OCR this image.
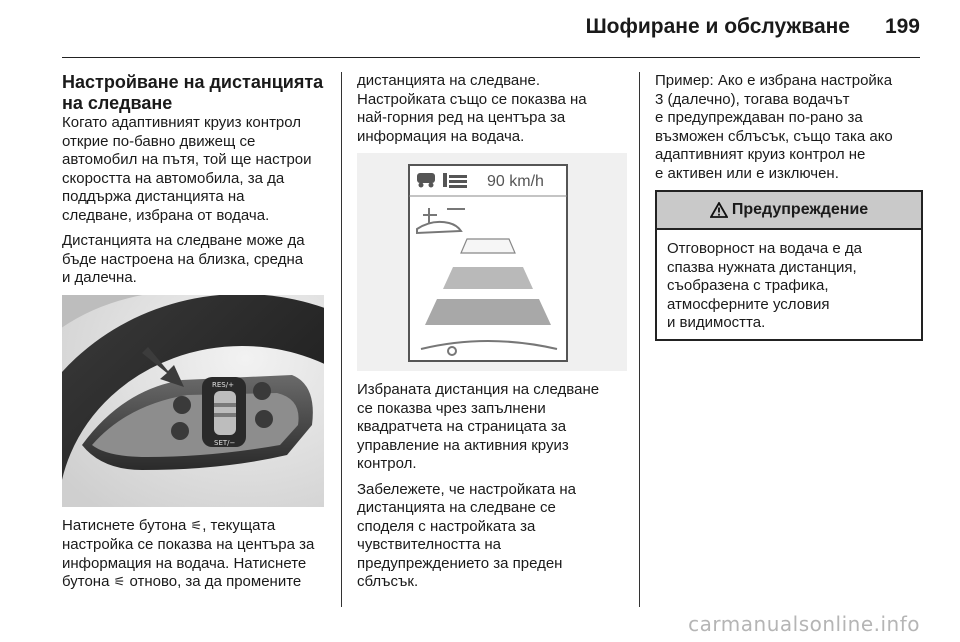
Шофиране и обслужване 199
Настройване на дистанцията
на следване

Когато адаптивният круиз контрол
открие по-бавно движещ се
автомобил на пътя, той ще настрои
скоростта на автомобила, за да
поддържа дистанцията на
следване, избрана от водача.

Дистанцията на следване може да
бъде настроена на близка, средна
и далечна.

RES/+
SET/−

Натиснете бутона ⚟, текущата
настройка се показва на центъра за
информация на водача. Натиснете
бутона ⚟ отново, за да промените

дистанцията на следване.
Настройката също се показва на
най-горния ред на центъра за
информация на водача.

90 km/h

Избраната дистанция на следване
се показва чрез запълнени
квадратчета на страницата за
управление на активния круиз
контрол.

Забележете, че настройката на
дистанцията на следване се
споделя с настройката за
чувствителността на
предупреждението за преден
сблъсък.

Пример: Ако е избрана настройка
3 (далечно), тогава водачът
е предупреждаван по-рано за
възможен сблъсък, също така ако
адаптивният круиз контрол не
е активен или е изключен.

Предупреждение

Отговорност на водача е да
спазва нужната дистанция,
съобразена с трафика,
атмосферните условия
и видимостта.

carmanualsonline.info
